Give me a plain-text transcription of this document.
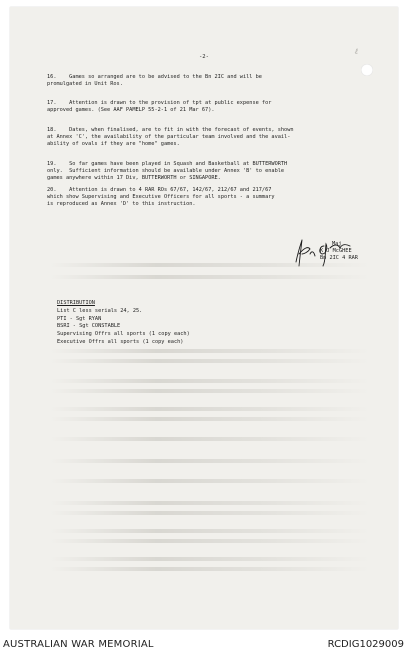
ℓ
-2-
16.    Games so arranged are to be advised to the Bn 2IC and will be
promulgated in Unit Ros.
17.    Attention is drawn to the provision of tpt at public expense for
approved games. (See AAF PAMELP 55-2-1 of 21 Mar 67).
18.    Dates, when finalised, are to fit in with the forecast of events, shown
at Annex 'C', the availability of the particular team involved and the avail-
ability of ovals if they are "home" games.
19.    So far games have been played in Squash and Basketball at BUTTERWORTH
only.  Sufficient information should be available under Annex 'B' to enable
games anywhere within 17 Div, BUTTERWORTH or SINGAPORE.
20.    Attention is drawn to 4 RAR ROs 67/67, 142/67, 212/67 and 217/67
which show Supervising and Executive Officers for all sports - a summary
is reproduced as Annex 'D' to this instruction.
Maj
K J McGHEE
Bn 2IC 4 RAR
DISTRIBUTION
List C less serials 24, 25.
PTI - Sgt RYAN
BSRI - Sgt CONSTABLE
Supervising Offrs all sports (1 copy each)
Executive Offrs all sports (1 copy each)
AUSTRALIAN WAR MEMORIAL	RCDIG1029009
